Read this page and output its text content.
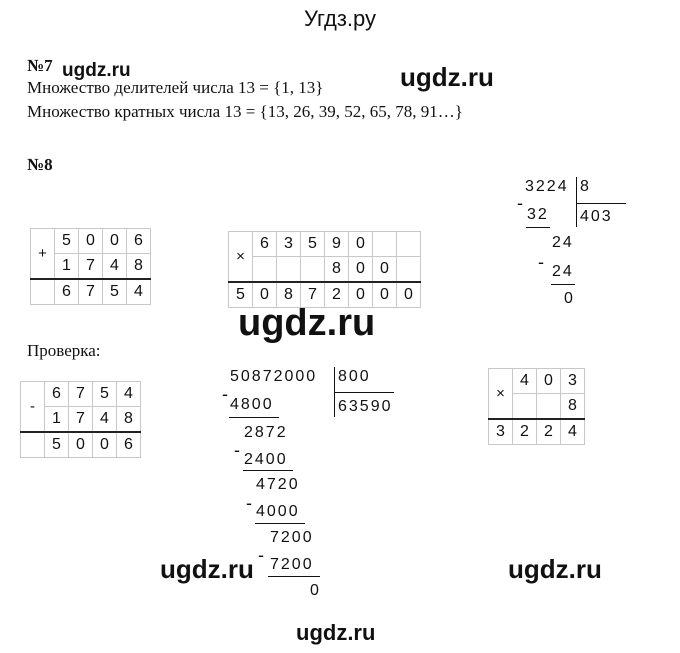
Угдз.ру
ugdz.ru	ugdz.ru
ugdz.ru
ugdz.ru	ugdz.ru
ugdz.ru
№7
Множество делителей числа 13 = {1, 13}
Множество кратных числа 13 = {13, 26, 39, 52, 65, 78, 91…}
№8
+	5	0	0	6
	1	7	4	8
	6	7	5	4
×	6	3	5	9	0		
				8	0	0	
5	0	8	7	2	0	0	0
3224 8
-
32 403
24
- 24
0
Проверка:
-	6	7	5	4
	1	7	4	8
	5	0	0	6
50872000 800
-
4800	63590
2872
- 2400
4720
- 4000
7200
- 7200
0
×	4	0	3
			8
3	2	2	4
